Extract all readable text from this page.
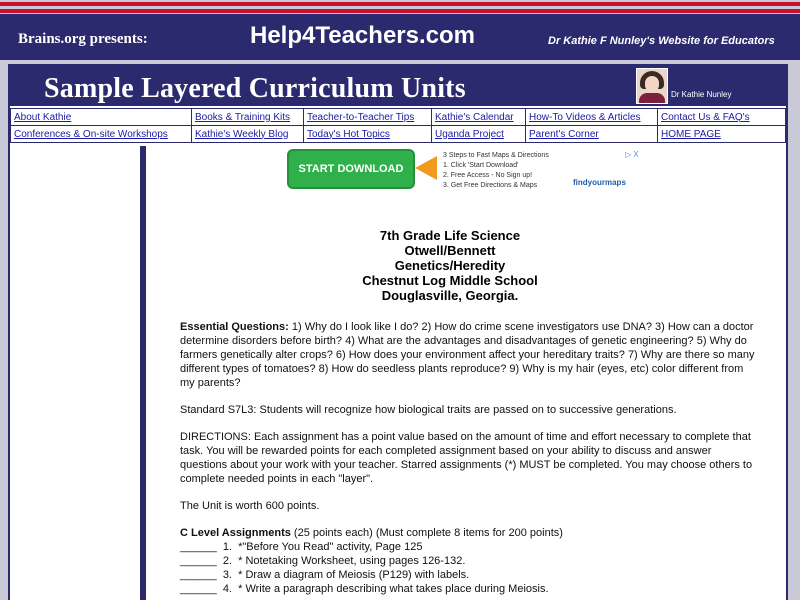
Brains.org presents:	Help4Teachers.com	Dr Kathie F Nunley's Website for Educators
Sample Layered Curriculum Units	Dr Kathie Nunley
About Kathie	Books & Training Kits	Teacher-to-Teacher Tips	Kathie's Calendar	How-To Videos & Articles	Contact Us & FAQ's
Conferences & On-site Workshops	Kathie's Weekly Blog	Today's Hot Topics	Uganda Project	Parent's Corner	HOME PAGE
START DOWNLOAD
3 Steps to Fast Maps & Directions
1. Click 'Start Download'
2. Free Access - No Sign up!
3. Get Free Directions & Maps
▷ X
findyourmaps
7th Grade Life Science
Otwell/Bennett
Genetics/Heredity
Chestnut Log Middle School
Douglasville, Georgia.

Essential Questions: 1) Why do I look like I do? 2) How do crime scene investigators use DNA? 3) How can a doctor determine disorders before birth? 4) What are the advantages and disadvantages of genetic engineering? 5) Why do farmers genetically alter crops? 6) How does your environment affect your hereditary traits? 7) Why are there so many different types of tomatoes? 8) How do seedless plants reproduce? 9) Why is my hair (eyes, etc) color different from my parents?

Standard S7L3: Students will recognize how biological traits are passed on to successive generations.

DIRECTIONS: Each assignment has a point value based on the amount of time and effort necessary to complete that task. You will be rewarded points for each completed assignment based on your ability to discuss and answer questions about your work with your teacher. Starred assignments (*) MUST be completed. You may choose others to complete needed points in each "layer".

The Unit is worth 600 points.

C Level Assignments (25 points each) (Must complete 8 items for 200 points)

______  1.  *"Before You Read" activity, Page 125
______  2.  * Notetaking Worksheet, using pages 126-132.
______  3.  * Draw a diagram of Meiosis (P129) with labels.
______  4.  * Write a paragraph describing what takes place during Meiosis.
